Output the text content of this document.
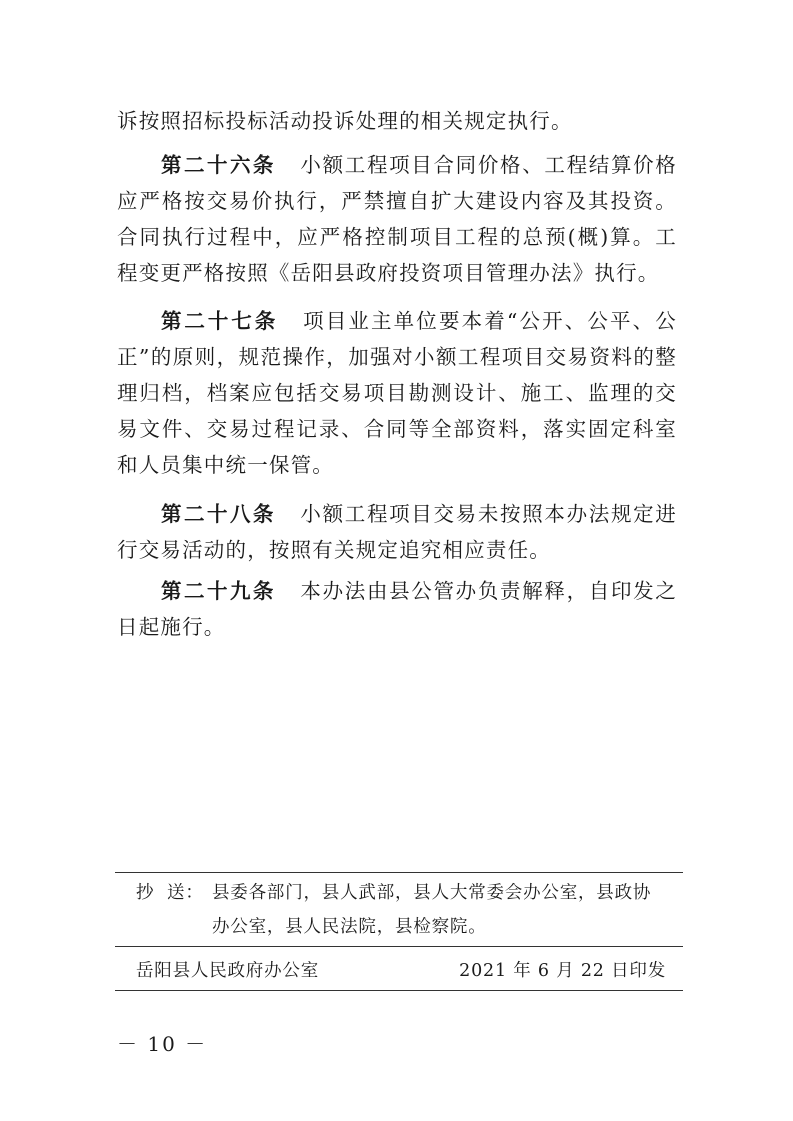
诉按照招标投标活动投诉处理的相关规定执行。

第二十六条 小额工程项目合同价格、工程结算价格应严格按交易价执行，严禁擅自扩大建设内容及其投资。合同执行过程中，应严格控制项目工程的总预(概)算。工程变更严格按照《岳阳县政府投资项目管理办法》执行。

第二十七条 项目业主单位要本着“公开、公平、公正”的原则，规范操作，加强对小额工程项目交易资料的整理归档，档案应包括交易项目勘测设计、施工、监理的交易文件、交易过程记录、合同等全部资料，落实固定科室和人员集中统一保管。

第二十八条 小额工程项目交易未按照本办法规定进行交易活动的，按照有关规定追究相应责任。

第二十九条 本办法由县公管办负责解释，自印发之日起施行。

抄  送： 县委各部门，县人武部，县人大常委会办公室，县政协
办公室，县人民法院，县检察院。
岳阳县人民政府办公室	2021 年 6 月 22 日印发
－ 10 －
